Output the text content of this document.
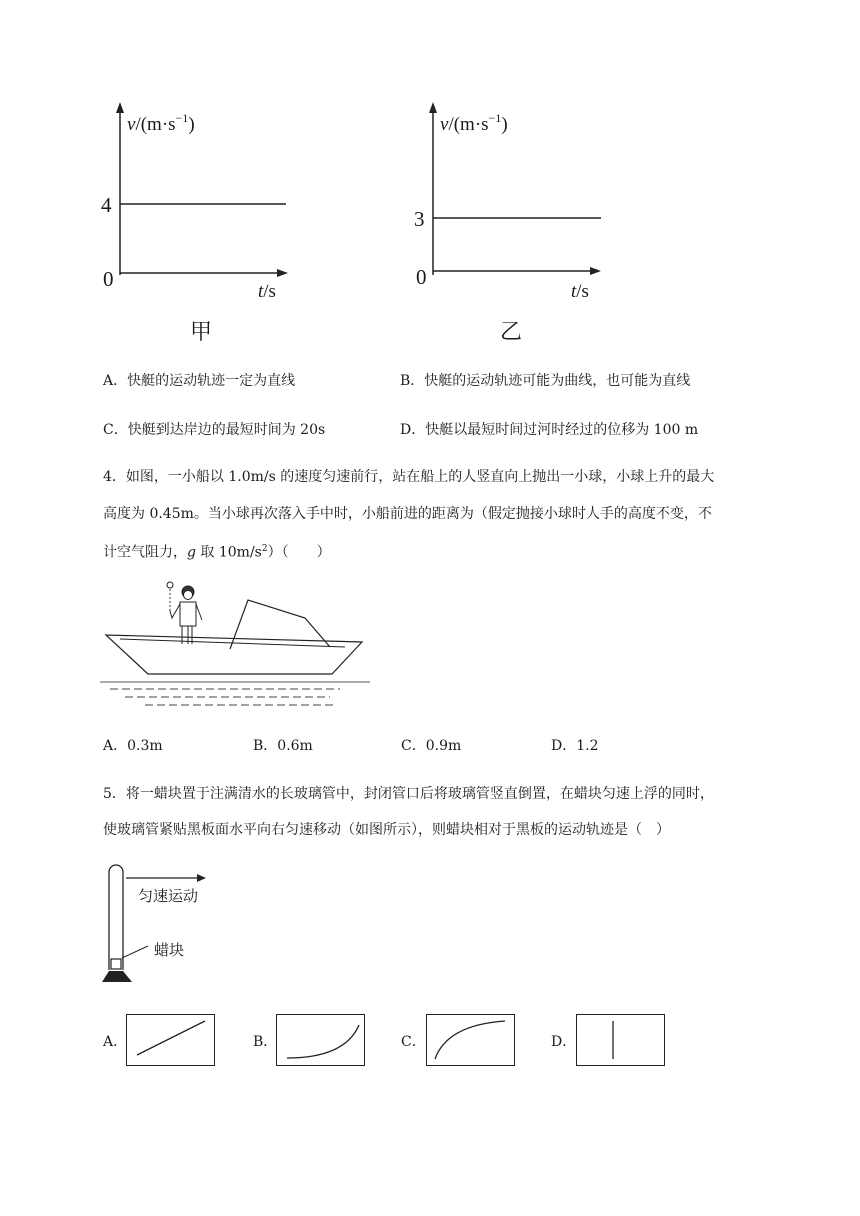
$v/(m\cdot s^{-1})$
4
0
t/s
甲
$v/(m\cdot s^{-1})$
3
0
t/s
乙
A．快艇的运动轨迹一定为直线	B．快艇的运动轨迹可能为曲线，也可能为直线
C．快艇到达岸边的最短时间为 20s	D．快艇以最短时间过河时经过的位移为 100 m
4．如图，一小船以 1.0m/s 的速度匀速前行，站在船上的人竖直向上抛出一小球，小球上升的最大
高度为 0.45m。当小球再次落入手中时，小船前进的距离为（假定抛接小球时人手的高度不变，不
计空气阻力，g 取 $10m/s^2$）（　　）
A．0.3m	B．0.6m	C．0.9m	D．1.2
5．将一蜡块置于注满清水的长玻璃管中，封闭管口后将玻璃管竖直倒置，在蜡块匀速上浮的同时，
使玻璃管紧贴黑板面水平向右匀速移动（如图所示），则蜡块相对于黑板的运动轨迹是（　）
匀速运动
蜡块
A．	B．	C．	D．
